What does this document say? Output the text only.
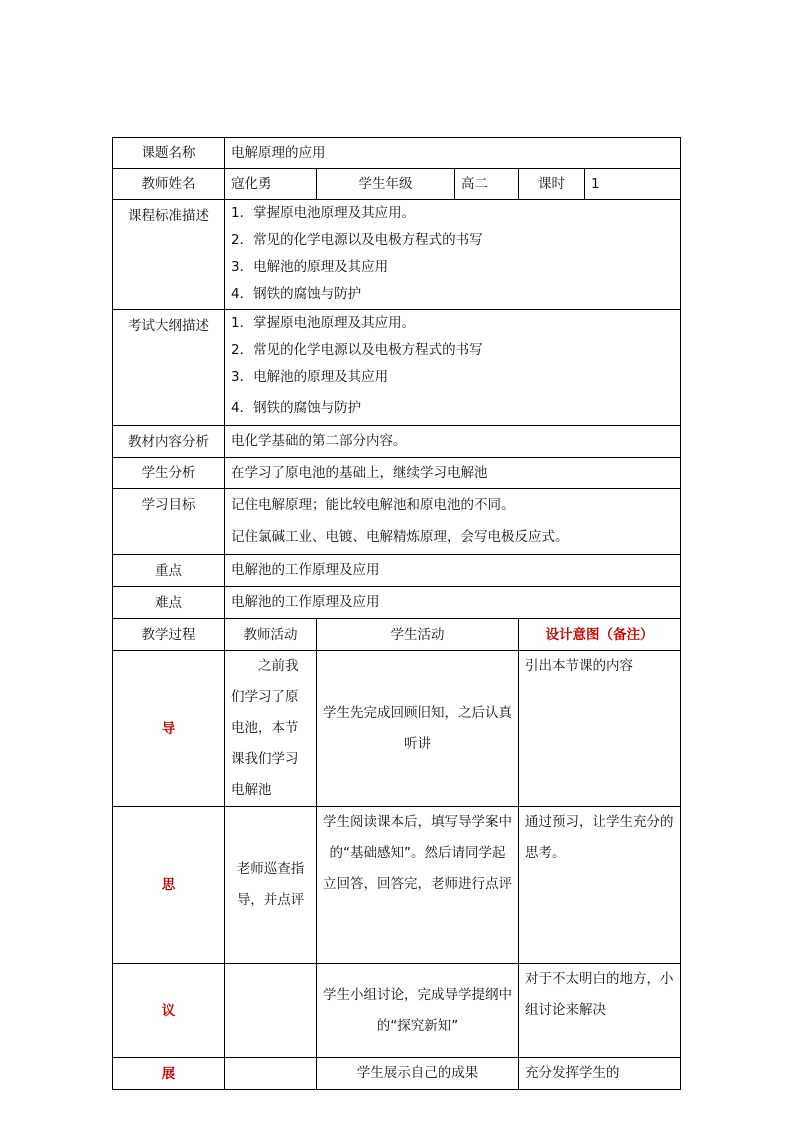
课题名称	电解原理的应用				
教师姓名	寇化勇	学生年级	高二	课时	1
课程标准描述	1．掌握原电池原理及其应用。
2．常见的化学电源以及电极方程式的书写
3．电解池的原理及其应用
4．钢铁的腐蚀与防护				

考试大纲描述	1．掌握原电池原理及其应用。
2．常见的化学电源以及电极方程式的书写
3．电解池的原理及其应用
4．钢铁的腐蚀与防护				

教材内容分析	电化学基础的第二部分内容。				
学生分析	在学习了原电池的基础上，继续学习电解池				
学习目标	记住电解原理；能比较电解池和原电池的不同。
记住氯碱工业、电镀、电解精炼原理，会写电极反应式。				

重点	电解池的工作原理及应用				
难点	电解池的工作原理及应用				
教学过程	教师活动	学生活动		设计意图（备注）	
导	之前我们学习了原电池，本节课我们学习电解池	学生先完成回顾旧知，之后认真听讲		引出本节课的内容	
思	老师巡查指导，并点评	学生阅读课本后，填写导学案中的“基础感知”。然后请同学起立回答，回答完，老师进行点评		通过预习，让学生充分的思考。	
议		学生小组讨论，完成导学提纲中的“探究新知”		对于不太明白的地方，小组讨论来解决	
展		学生展示自己的成果		充分发挥学生的	
